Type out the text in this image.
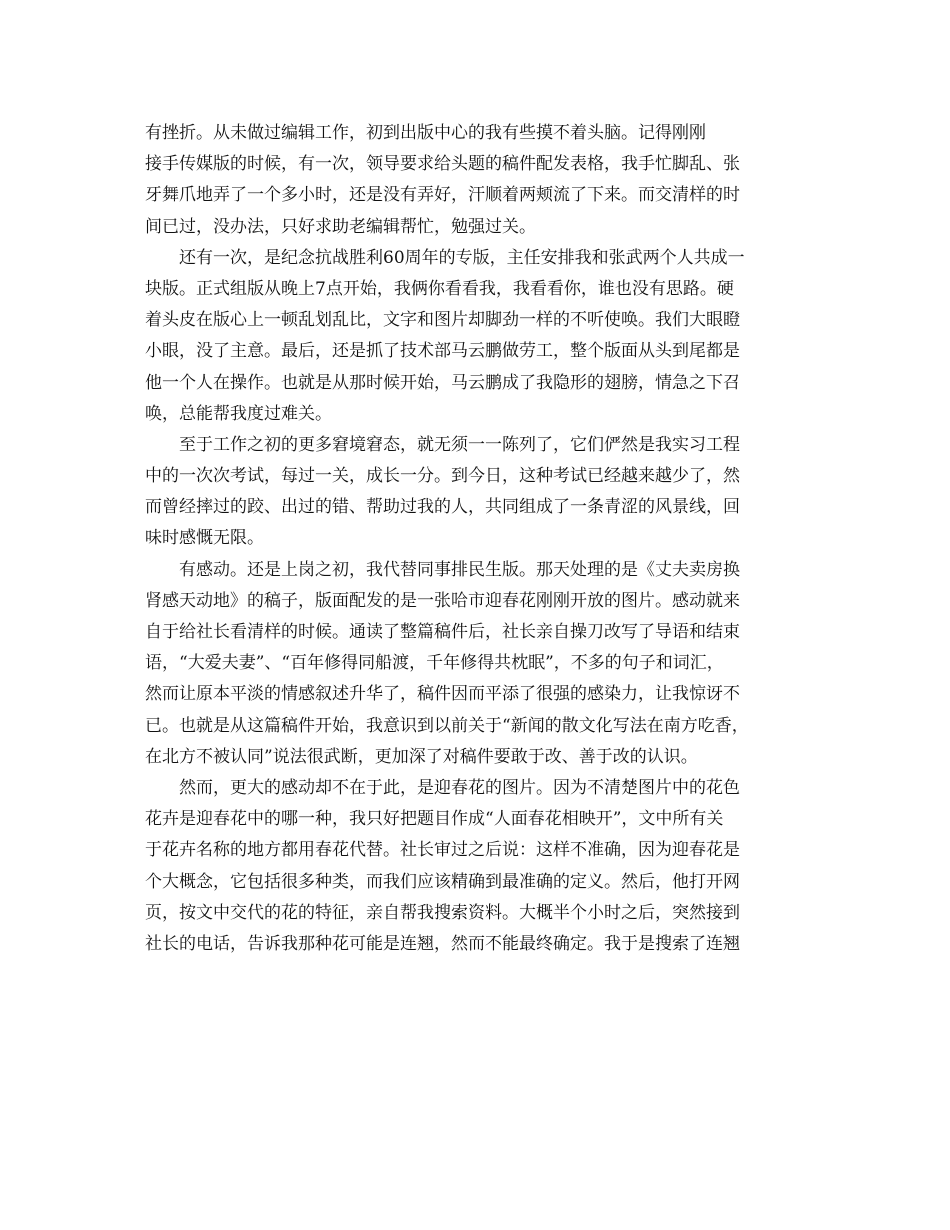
有挫折。从未做过编辑工作，初到出版中心的我有些摸不着头脑。记得刚刚
接手传媒版的时候，有一次，领导要求给头题的稿件配发表格，我手忙脚乱、张
牙舞爪地弄了一个多小时，还是没有弄好，汗顺着两颊流了下来。而交清样的时
间已过，没办法，只好求助老编辑帮忙，勉强过关。
还有一次，是纪念抗战胜利60周年的专版，主任安排我和张武两个人共成一
块版。正式组版从晚上7点开始，我俩你看看我，我看看你，谁也没有思路。硬
着头皮在版心上一顿乱划乱比，文字和图片却脚劲一样的不听使唤。我们大眼瞪
小眼，没了主意。最后，还是抓了技术部马云鹏做劳工，整个版面从头到尾都是
他一个人在操作。也就是从那时候开始，马云鹏成了我隐形的翅膀，情急之下召
唤，总能帮我度过难关。
至于工作之初的更多窘境窘态，就无须一一陈列了，它们俨然是我实习工程
中的一次次考试，每过一关，成长一分。到今日，这种考试已经越来越少了，然
而曾经摔过的跤、出过的错、帮助过我的人，共同组成了一条青涩的风景线，回
味时感慨无限。
有感动。还是上岗之初，我代替同事排民生版。那天处理的是《丈夫卖房换
肾感天动地》的稿子，版面配发的是一张哈市迎春花刚刚开放的图片。感动就来
自于给社长看清样的时候。通读了整篇稿件后，社长亲自操刀改写了导语和结束
语，“大爱夫妻”、“百年修得同船渡，千年修得共枕眠”，不多的句子和词汇，
然而让原本平淡的情感叙述升华了，稿件因而平添了很强的感染力，让我惊讶不
已。也就是从这篇稿件开始，我意识到以前关于“新闻的散文化写法在南方吃香，
在北方不被认同”说法很武断，更加深了对稿件要敢于改、善于改的认识。
然而，更大的感动却不在于此，是迎春花的图片。因为不清楚图片中的花色
花卉是迎春花中的哪一种，我只好把题目作成“人面春花相映开”，文中所有关
于花卉名称的地方都用春花代替。社长审过之后说：这样不准确，因为迎春花是
个大概念，它包括很多种类，而我们应该精确到最准确的定义。然后，他打开网
页，按文中交代的花的特征，亲自帮我搜索资料。大概半个小时之后，突然接到
社长的电话，告诉我那种花可能是连翘，然而不能最终确定。我于是搜索了连翘
